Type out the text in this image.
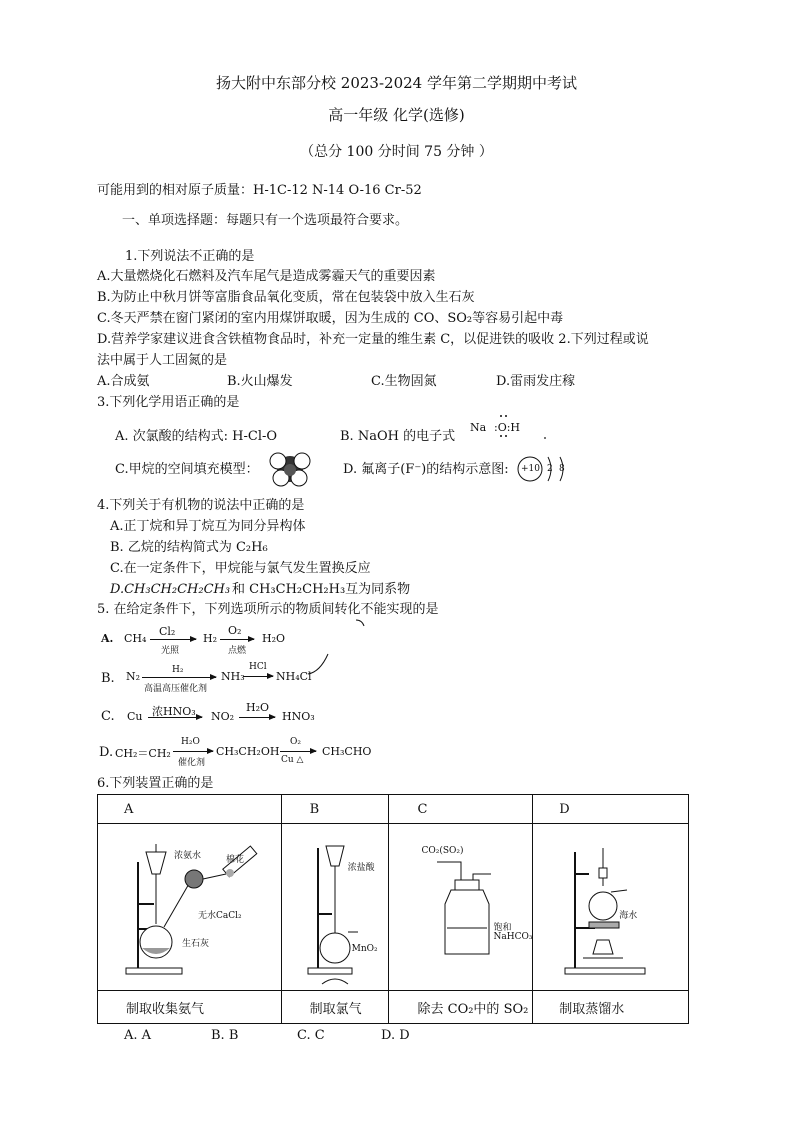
扬大附中东部分校 2023-2024 学年第二学期期中考试
高一年级 化学(选修)
（总分 100 分时间 75 分钟 ）
可能用到的相对原子质量：H-1C-12 N-14 O-16 Cr-52
一、单项选择题：每题只有一个选项最符合要求。
1.下列说法不正确的是
A.大量燃烧化石燃料及汽车尾气是造成雾霾天气的重要因素
B.为防止中秋月饼等富脂食品氧化变质，常在包装袋中放入生石灰
C.冬天严禁在窗门紧闭的室内用煤饼取暖，因为生成的 CO、SO₂等容易引起中毒
D.营养学家建议进食含铁植物食品时，补充一定量的维生素 C，以促进铁的吸收 2.下列过程或说
法中属于人工固氮的是
A.合成氨	B.火山爆发	C.生物固氮	D.雷雨发庄稼
3.下列化学用语正确的是
A. 次氯酸的结构式: H-Cl-O	B. NaOH 的电子式
Na :O:H
C.甲烷的空间填充模型：	D. 氟离子(F⁻)的结构示意图: +10 2 8
4.下列关于有机物的说法中正确的是
A.正丁烷和异丁烷互为同分异构体
B. 乙烷的结构简式为 C₂H₆
C.在一定条件下，甲烷能与氯气发生置换反应
D.CH₃CH₂CH₂CH₃ 和 CH₃CH₂CH₂H₃互为同系物
5. 在给定条件下，下列选项所示的物质间转化不能实现的是
A. CH₄
Cl₂
光照
H₂
O₂
点燃
H₂O
B. N₂	H₂
高温高压催化剂
NH₃
HCl
NH₄Cl
C. Cu 浓HNO₃ NO₂
H₂O
HNO₃
D. CH₂＝CH₂
H₂O
催化剂
CH₃CH₂OH
O₂
Cu △
CH₃CHO
6.下列装置正确的是
A	B	C	D

浓氨水 棉花
无水CaCl₂
生石灰	浓盐酸
MnO₂	CO₂(SO₂)
饱和
NaHCO₃	海水

制取收集氨气	制取氯气	除去 CO₂中的 SO₂	制取蒸馏水
A. A	B. B	C. C	D. D
